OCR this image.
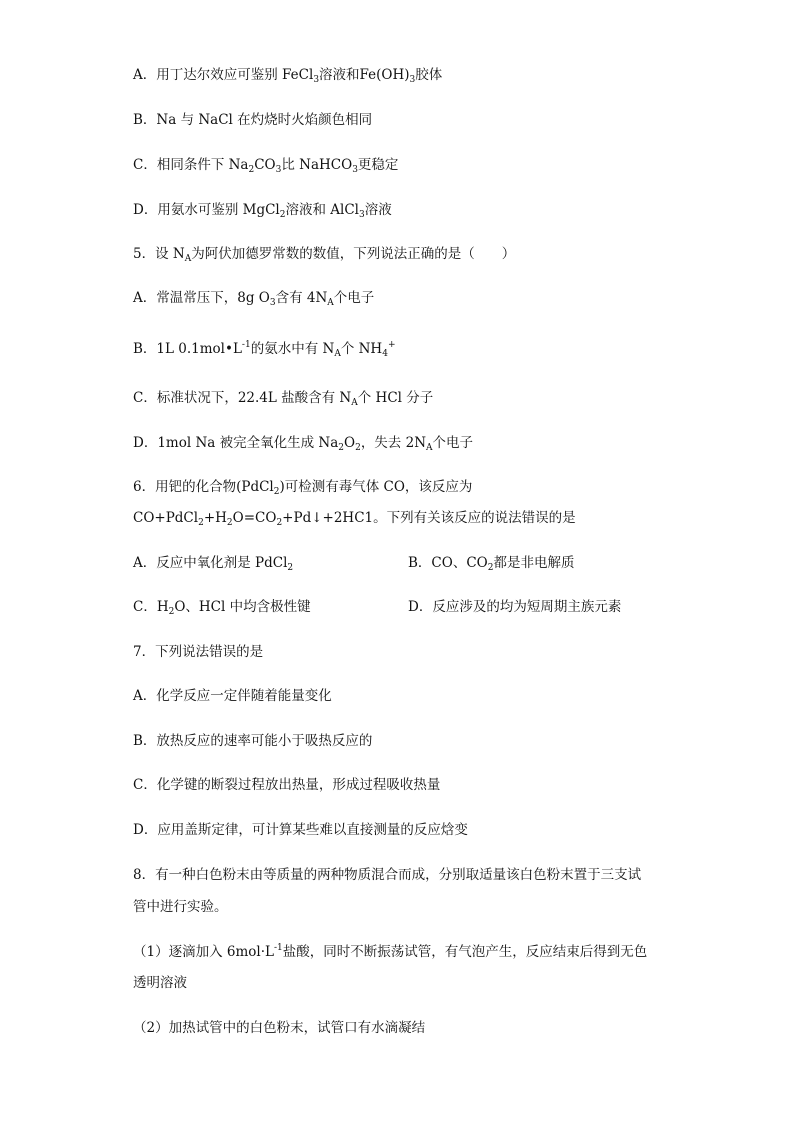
A．用丁达尔效应可鉴别 FeCl$_3$溶液和$Fe(OH)_3$胶体
B．Na 与 NaCl 在灼烧时火焰颜色相同
C．相同条件下 $Na_2CO_3$比 NaHCO$_3$更稳定
D．用氨水可鉴别 MgCl$_2$溶液和 AlCl$_3$溶液
5．设 $N_A$为阿伏加德罗常数的数值，下列说法正确的是（　　）
A．常温常压下，8g $O_3$含有 $4N_A$个电子
B．1L $0.1mol•L^{-1}$的氨水中有 $N_A$个 $NH_4^+$
C．标准状况下，22.4L 盐酸含有 $N_A$个 HCl 分子
D．1mol Na 被完全氧化生成 $Na_2O_2$，失去 $2N_A$个电子
6．用钯的化合物(PdCl$_2$)可检测有毒气体 CO，该反应为
$CO+PdCl_2+H_2O=CO_2+Pd↓+2HC1$。下列有关该反应的说法错误的是
A．反应中氧化剂是 PdCl$_2$	B．CO、$CO_2$都是非电解质
C．$H_2O$、HCl 中均含极性键	D．反应涉及的均为短周期主族元素
7．下列说法错误的是
A．化学反应一定伴随着能量变化
B．放热反应的速率可能小于吸热反应的
C．化学键的断裂过程放出热量，形成过程吸收热量
D．应用盖斯定律，可计算某些难以直接测量的反应焓变
8．有一种白色粉末由等质量的两种物质混合而成，分别取适量该白色粉末置于三支试
管中进行实验。
（1）逐滴加入 $6mol\cdot L^{-1}$盐酸，同时不断振荡试管，有气泡产生，反应结束后得到无色
透明溶液
（2）加热试管中的白色粉末，试管口有水滴凝结
